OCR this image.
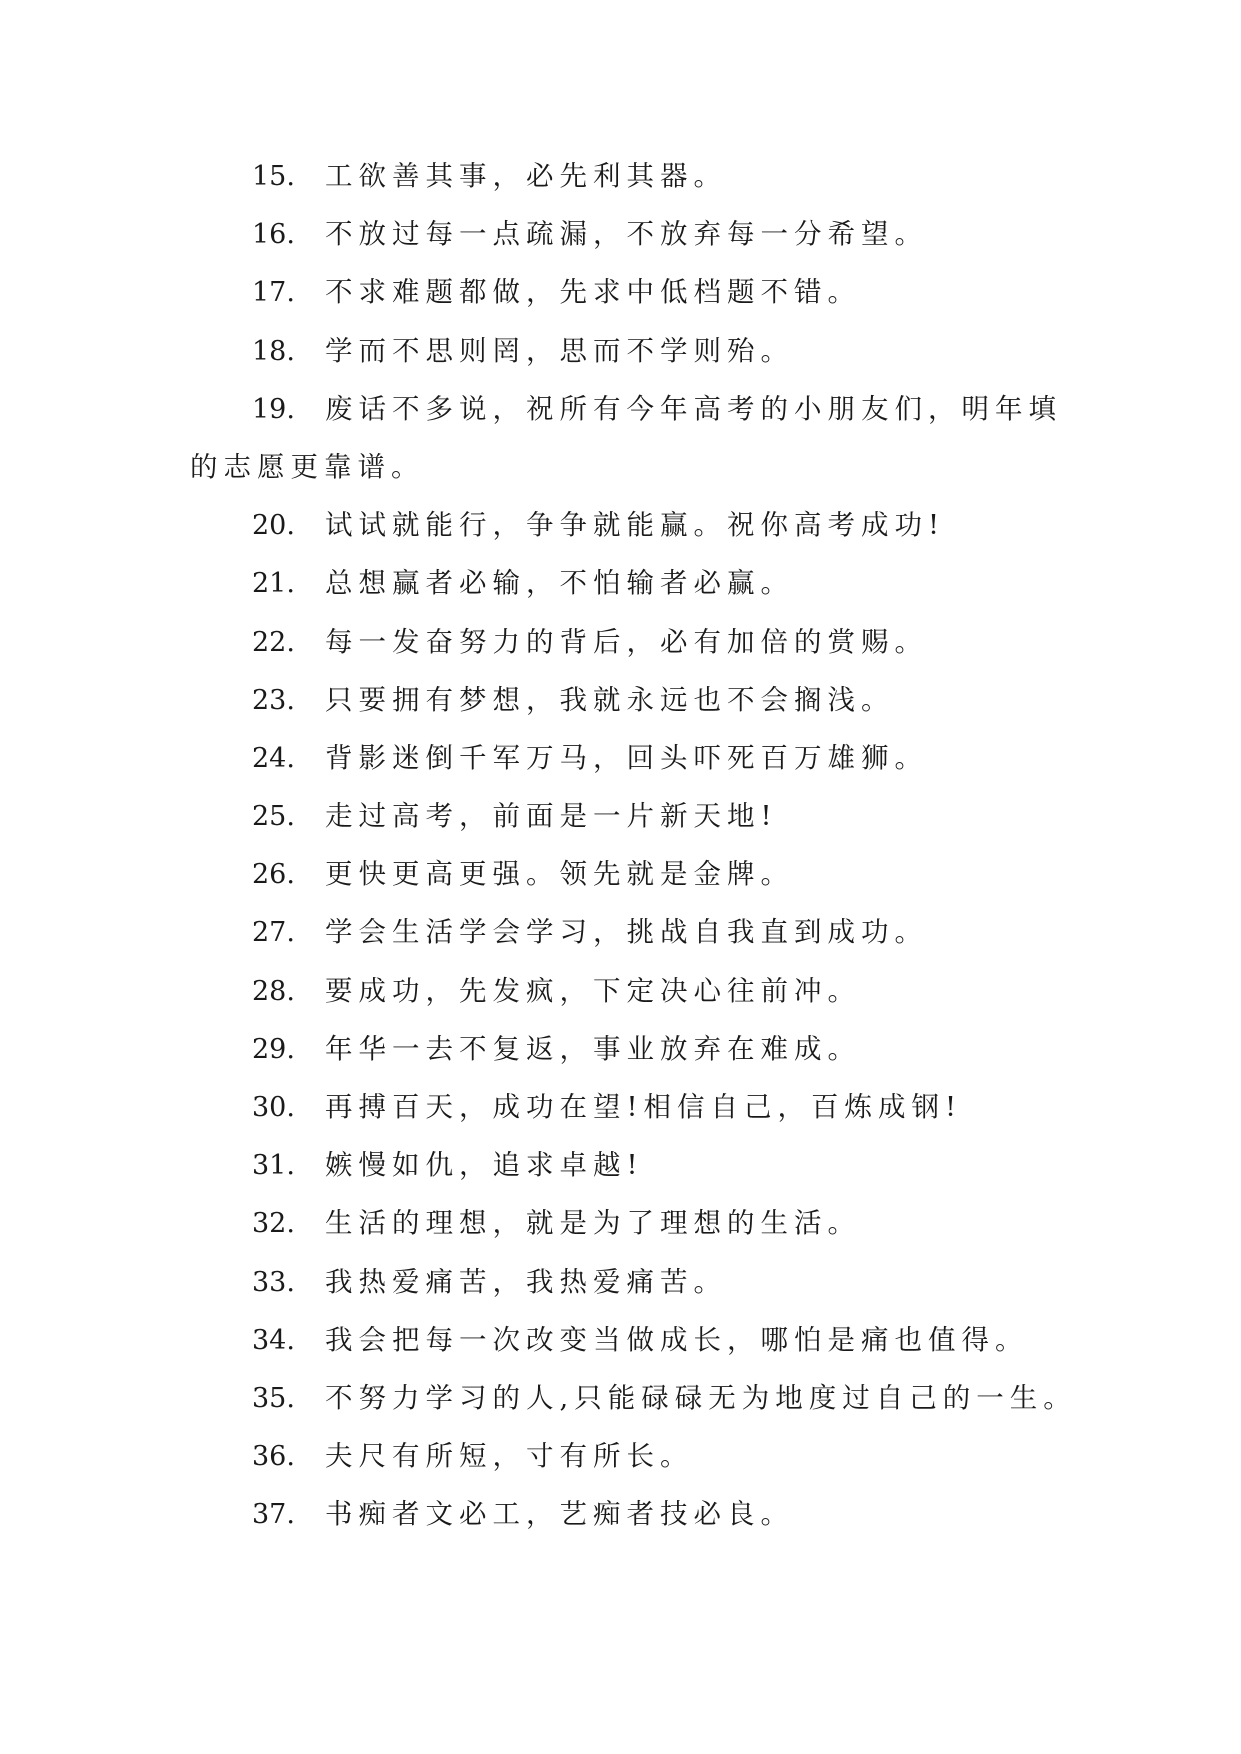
15. 工欲善其事，必先利其器。
16. 不放过每一点疏漏，不放弃每一分希望。
17. 不求难题都做，先求中低档题不错。
18. 学而不思则罔，思而不学则殆。
19. 废话不多说，祝所有今年高考的小朋友们，明年填
的志愿更靠谱。
20. 试试就能行，争争就能赢。祝你高考成功!
21. 总想赢者必输，不怕输者必赢。
22. 每一发奋努力的背后，必有加倍的赏赐。
23. 只要拥有梦想，我就永远也不会搁浅。
24. 背影迷倒千军万马，回头吓死百万雄狮。
25. 走过高考，前面是一片新天地!
26. 更快更高更强。领先就是金牌。
27. 学会生活学会学习，挑战自我直到成功。
28. 要成功，先发疯，下定决心往前冲。
29. 年华一去不复返，事业放弃在难成。
30. 再搏百天，成功在望!相信自己，百炼成钢!
31. 嫉慢如仇，追求卓越!
32. 生活的理想，就是为了理想的生活。
33. 我热爱痛苦，我热爱痛苦。
34. 我会把每一次改变当做成长，哪怕是痛也值得。
35. 不努力学习的人,只能碌碌无为地度过自己的一生。
36. 夫尺有所短，寸有所长。
37. 书痴者文必工，艺痴者技必良。
